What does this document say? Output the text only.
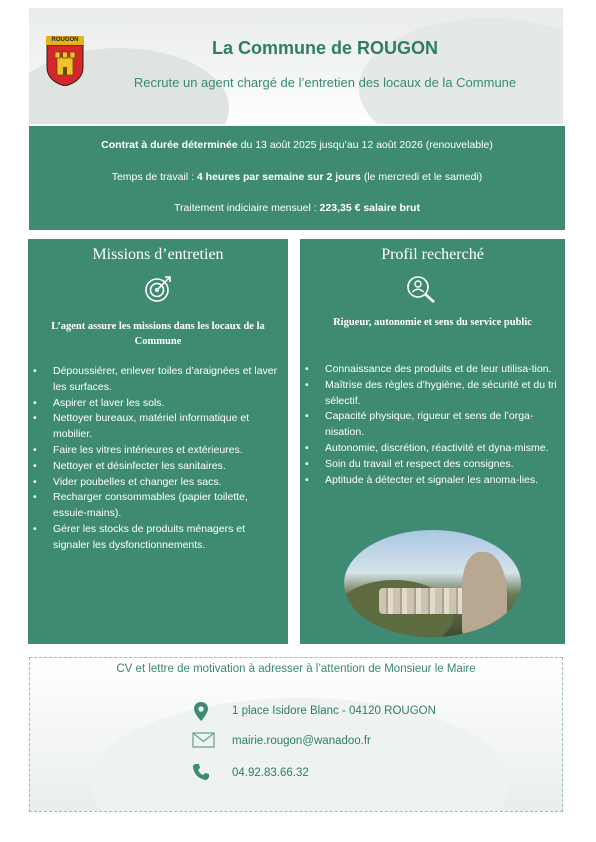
ROUGON	La Commune de ROUGON
Recrute un agent chargé de l’entretien des locaux de la Commune

Contrat à durée déterminée du 13 août 2025 jusqu’au 12 août 2026 (renouvelable)

Temps de travail : 4 heures par semaine sur 2 jours (le mercredi et le samedi)

Traitement indiciaire mensuel : 223,35 € salaire brut

Missions d’entretien
L’agent assure les missions dans les locaux de la Commune
• Dépoussiérer, enlever toiles d’araignées et laver les surfaces.
• Aspirer et laver les sols.
• Nettoyer bureaux, matériel informatique et mobilier.
• Faire les vitres intérieures et extérieures.
• Nettoyer et désinfecter les sanitaires.
• Vider poubelles et changer les sacs.
• Recharger consommables (papier toilette, essuie-mains).
• Gérer les stocks de produits ménagers et signaler les dysfonctionnements.
Profil recherché
Rigueur, autonomie et sens du service public
• Connaissance des produits et de leur utilisa-tion.
• Maîtrise des règles d’hygiène, de sécurité et du tri sélectif.
• Capacité physique, rigueur et sens de l’orga-nisation.
• Autonomie, discrétion, réactivité et dyna-misme.
• Soin du travail et respect des consignes.
• Aptitude à détecter et signaler les anoma-lies.
CV et lettre de motivation à adresser à l’attention de Monsieur le Maire
1 place Isidore Blanc - 04120 ROUGON
mairie.rougon@wanadoo.fr
04.92.83.66.32
